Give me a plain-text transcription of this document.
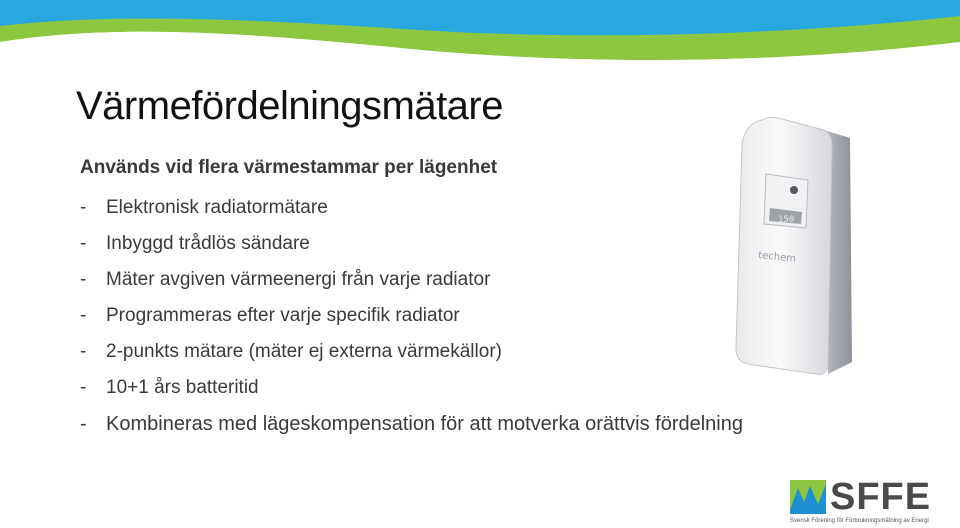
Värmefördelningsmätare

Används vid flera värmestammar per lägenhet

- Elektronisk radiatormätare
- Inbyggd trådlös sändare
- Mäter avgiven värmeenergi från varje radiator
- Programmeras efter varje specifik radiator
- 2-punkts mätare (mäter ej externa värmekällor)
- 10+1 års batteritid
- Kombineras med lägeskompensation för att motverka orättvis fördelning
150
techem
SFFE
Svensk Förening för Förbrukningsmätning av Energi
